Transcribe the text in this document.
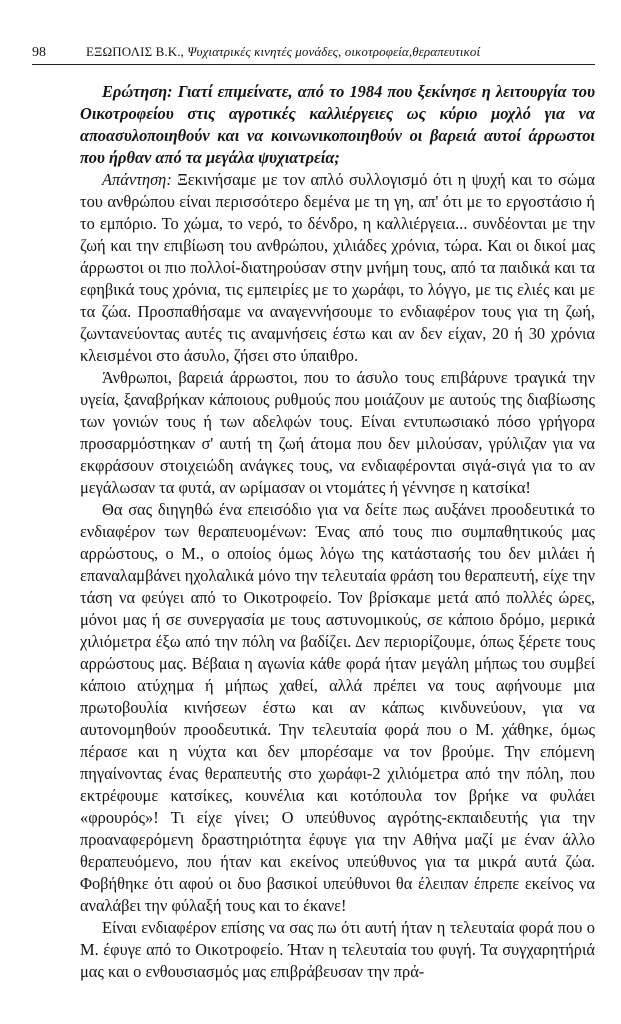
98	ΕΞΩΠΟΛΙΣ Β.Κ., Ψυχιατρικές κινητές μονάδες, οικοτροφεία,θεραπευτικοί

Ερώτηση: Γιατί επιμείνατε, από το 1984 που ξεκίνησε η λειτουργία του Οικοτροφείου στις αγροτικές καλλιέργειες ως κύριο μοχλό για να αποασυλοποιηθούν και να κοινωνικοποιηθούν οι βαρειά αυτοί άρρωστοι που ήρθαν από τα μεγάλα ψυχιατρεία;

Απάντηση: Ξεκινήσαμε με τον απλό συλλογισμό ότι η ψυχή και το σώμα του ανθρώπου είναι περισσότερο δεμένα με τη γη, απ' ότι με το εργοστάσιο ή το εμπόριο. Το χώμα, το νερό, το δένδρο, η καλλιέργεια... συνδέονται με την ζωή και την επιβίωση του ανθρώπου, χιλιάδες χρόνια, τώρα. Και οι δικοί μας άρρωστοι οι πιο πολλοί-διατηρούσαν στην μνήμη τους, από τα παιδικά και τα εφηβικά τους χρόνια, τις εμπειρίες με το χωράφι, το λόγγο, με τις ελιές και με τα ζώα. Προσπαθήσαμε να αναγεννήσουμε το ενδιαφέρον τους για τη ζωή, ζωντανεύοντας αυτές τις αναμνήσεις έστω και αν δεν είχαν, 20 ή 30 χρόνια κλεισμένοι στο άσυλο, ζήσει στο ύπαιθρο.

Άνθρωποι, βαρειά άρρωστοι, που το άσυλο τους επιβάρυνε τραγικά την υγεία, ξαναβρήκαν κάποιους ρυθμούς που μοιάζουν με αυτούς της διαβίωσης των γονιών τους ή των αδελφών τους. Είναι εντυπωσιακό πόσο γρήγορα προσαρμόστηκαν σ' αυτή τη ζωή άτομα που δεν μιλούσαν, γρύλιζαν για να εκφράσουν στοιχειώδη ανάγκες τους, να ενδιαφέρονται σιγά-σιγά για το αν μεγάλωσαν τα φυτά, αν ωρίμασαν οι ντομάτες ή γέννησε η κατσίκα!

Θα σας διηγηθώ ένα επεισόδιο για να δείτε πως αυξάνει προοδευτικά το ενδιαφέρον των θεραπευομένων: Ένας από τους πιο συμπαθητικούς μας αρρώστους, ο Μ., ο οποίος όμως λόγω της κατάστασής του δεν μιλάει ή επαναλαμβάνει ηχολαλικά μόνο την τελευταία φράση του θεραπευτή, είχε την τάση να φεύγει από το Οικοτροφείο. Τον βρίσκαμε μετά από πολλές ώρες, μόνοι μας ή σε συνεργασία με τους αστυνομικούς, σε κάποιο δρόμο, μερικά χιλιόμετρα έξω από την πόλη να βαδίζει. Δεν περιορίζουμε, όπως ξέρετε τους αρρώστους μας. Βέβαια η αγωνία κάθε φορά ήταν μεγάλη μήπως του συμβεί κάποιο ατύχημα ή μήπως χαθεί, αλλά πρέπει να τους αφήνουμε μια πρωτοβουλία κινήσεων έστω και αν κάπως κινδυνεύουν, για να αυτονομηθούν προοδευτικά. Την τελευταία φορά που ο Μ. χάθηκε, όμως πέρασε και η νύχτα και δεν μπορέσαμε να τον βρούμε. Την επόμενη πηγαίνοντας ένας θεραπευτής στο χωράφι-2 χιλιόμετρα από την πόλη, που εκτρέφουμε κατσίκες, κουνέλια και κοτόπουλα τον βρήκε να φυλάει «φρουρός»! Τι είχε γίνει; Ο υπεύθυνος αγρότης-εκπαιδευτής για την προαναφερόμενη δραστηριότητα έφυγε για την Αθήνα μαζί με έναν άλλο θεραπευόμενο, που ήταν και εκείνος υπεύθυνος για τα μικρά αυτά ζώα. Φοβήθηκε ότι αφού οι δυο βασικοί υπεύθυνοι θα έλειπαν έπρεπε εκείνος να αναλάβει την φύλαξή τους και το έκανε!

Είναι ενδιαφέρον επίσης να σας πω ότι αυτή ήταν η τελευταία φορά που ο Μ. έφυγε από το Οικοτροφείο. Ήταν η τελευταία του φυγή. Τα συγχαρητήριά μας και ο ενθουσιασμός μας επιβράβευσαν την πρά-
